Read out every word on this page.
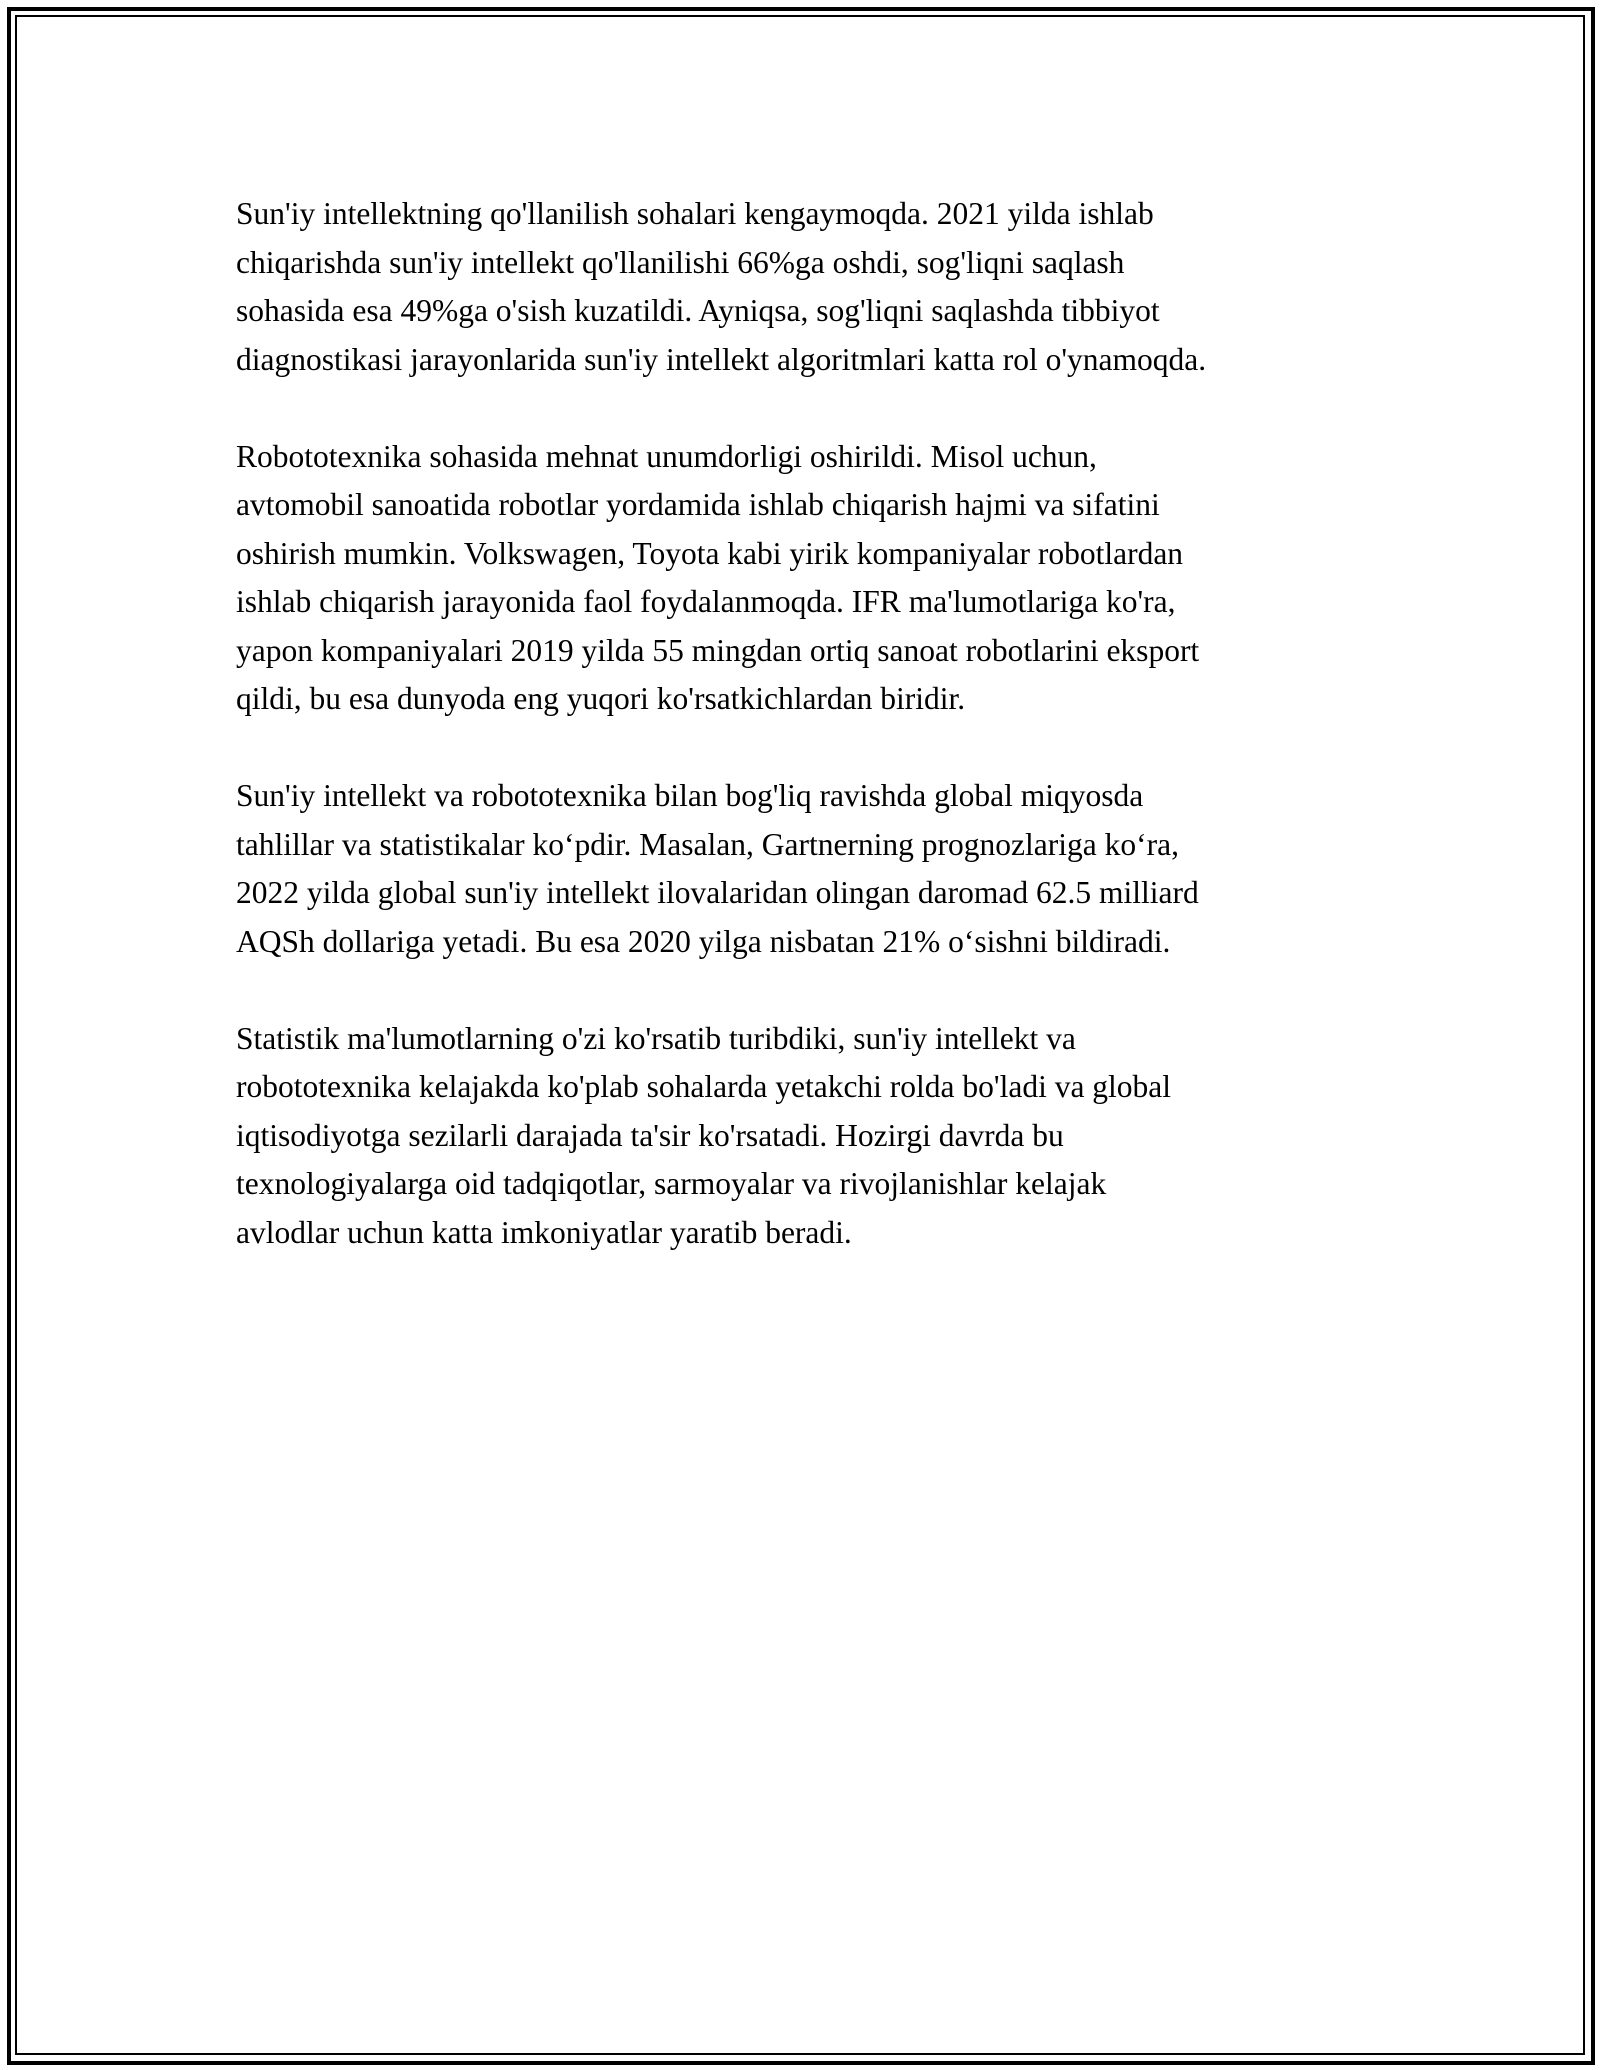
Sun'iy intellektning qo'llanilish sohalari kengaymoqda. 2021 yilda ishlab
chiqarishda sun'iy intellekt qo'llanilishi 66%ga oshdi, sog'liqni saqlash
sohasida esa 49%ga o'sish kuzatildi. Ayniqsa, sog'liqni saqlashda tibbiyot
diagnostikasi jarayonlarida sun'iy intellekt algoritmlari katta rol o'ynamoqda.

Robototexnika sohasida mehnat unumdorligi oshirildi. Misol uchun,
avtomobil sanoatida robotlar yordamida ishlab chiqarish hajmi va sifatini
oshirish mumkin. Volkswagen, Toyota kabi yirik kompaniyalar robotlardan
ishlab chiqarish jarayonida faol foydalanmoqda. IFR ma'lumotlariga ko'ra,
yapon kompaniyalari 2019 yilda 55 mingdan ortiq sanoat robotlarini eksport
qildi, bu esa dunyoda eng yuqori ko'rsatkichlardan biridir.

Sun'iy intellekt va robototexnika bilan bog'liq ravishda global miqyosda
tahlillar va statistikalar koʻpdir. Masalan, Gartnerning prognozlariga koʻra,
2022 yilda global sun'iy intellekt ilovalaridan olingan daromad 62.5 milliard
AQSh dollariga yetadi. Bu esa 2020 yilga nisbatan 21% oʻsishni bildiradi.

Statistik ma'lumotlarning o'zi ko'rsatib turibdiki, sun'iy intellekt va
robototexnika kelajakda ko'plab sohalarda yetakchi rolda bo'ladi va global
iqtisodiyotga sezilarli darajada ta'sir ko'rsatadi. Hozirgi davrda bu
texnologiyalarga oid tadqiqotlar, sarmoyalar va rivojlanishlar kelajak
avlodlar uchun katta imkoniyatlar yaratib beradi.
